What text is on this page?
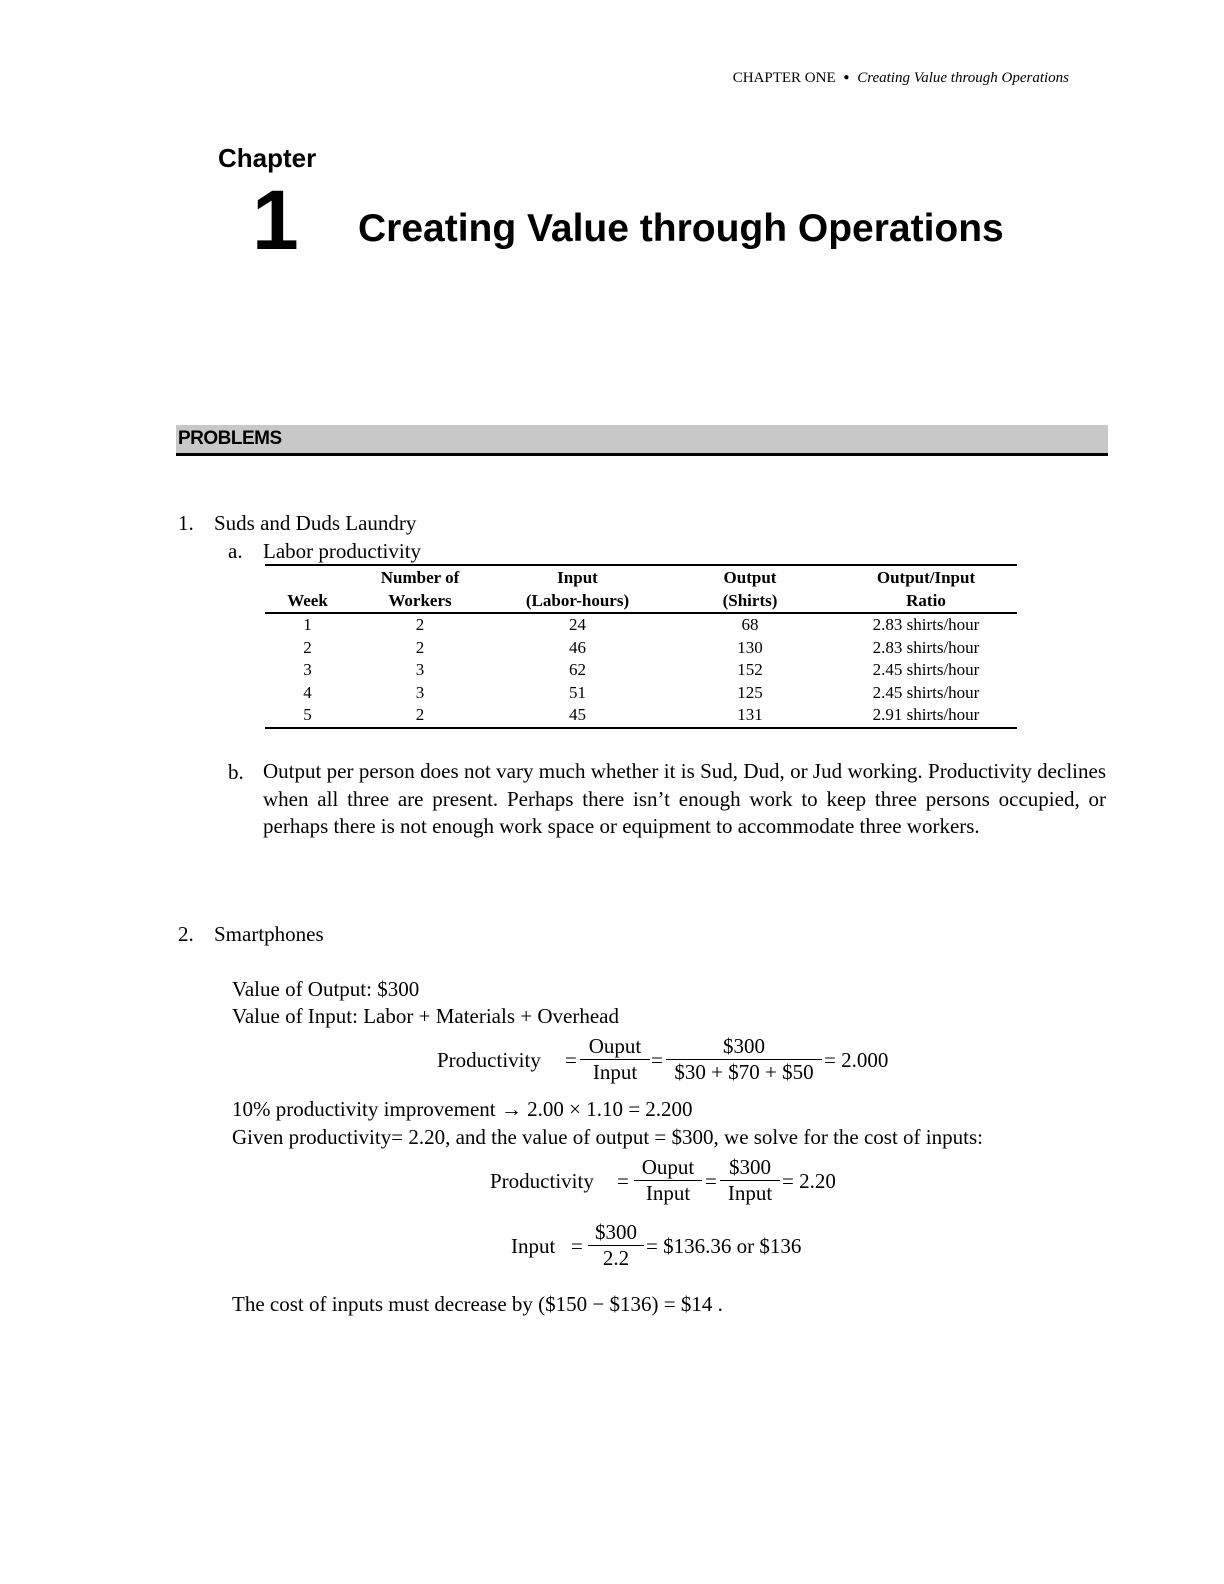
CHAPTER ONE ● Creating Value through Operations
Chapter
1 Creating Value through Operations
PROBLEMS
1. Suds and Duds Laundry
a. Labor productivity
	Number of	Input	Output	Output/Input
Week	Workers	(Labor-hours)	(Shirts)	Ratio
1	2	24	68	2.83 shirts/hour
2	2	46	130	2.83 shirts/hour
3	3	62	152	2.45 shirts/hour
4	3	51	125	2.45 shirts/hour
5	2	45	131	2.91 shirts/hour
b. Output per person does not vary much whether it is Sud, Dud, or Jud working. Productivity declines when all three are present. Perhaps there isn’t enough work to keep three persons occupied, or perhaps there is not enough work space or equipment to accommodate three workers.
2. Smartphones
Value of Output: $300
Value of Input: Labor + Materials + Overhead
Productivity =
Ouput
Input = $\frac{\$300}{\$30 + \$70 + \$50} = 2.000$
10% productivity improvement → 2.00 × 1.10 = 2.200
Given productivity= 2.20, and the value of output = $300, we solve for the cost of inputs:
Productivity =
Ouput
Input =
$300
Input = 2.20
Input = $\frac{\$300}{2.2}$ = $136.36 or $136
The cost of inputs must decrease by ($150 − $136) = $14 .
